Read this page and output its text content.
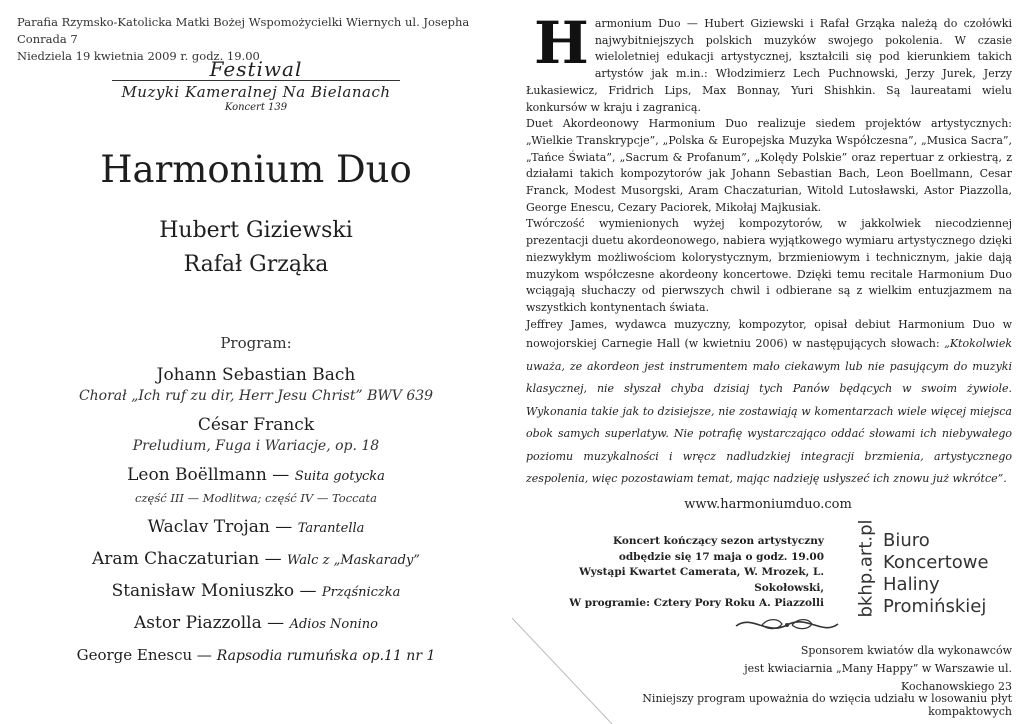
Parafia Rzymsko-Katolicka Matki Bożej Wspomożycielki Wiernych ul. Josepha Conrada 7
Niedziela 19 kwietnia 2009 r. godz. 19.00
Festiwal
Muzyki Kameralnej Na Bielanach
Koncert 139
Harmonium Duo
Hubert Giziewski
Rafał Grząka
Program:
Johann Sebastian Bach
Chorał „Ich ruf zu dir, Herr Jesu Christ” BWV 639
César Franck
Preludium, Fuga i Wariacje, op. 18
Leon Boëllmann — Suita gotycka
część III — Modlitwa; część IV — Toccata
Waclav Trojan — Tarantella
Aram Chaczaturian — Walc z „Maskarady”
Stanisław Moniuszko — Prząśniczka
Astor Piazzolla — Adios Nonino
George Enescu — Rapsodia rumuńska op.11 nr 1
H armonium Duo — Hubert Giziewski i Rafał Grząka należą do czołówki najwybitniejszych polskich muzyków swojego pokolenia. W czasie wieloletniej edukacji artystycznej, kształcili się pod kierunkiem takich artystów jak m.in.: Włodzimierz Lech Puchnowski, Jerzy Jurek, Jerzy Łukasiewicz, Fridrich Lips, Max Bonnay, Yuri Shishkin. Są laureatami wielu konkursów w kraju i zagranicą.

Duet Akordeonowy Harmonium Duo realizuje siedem projektów artystycznych: „Wielkie Transkrypcje”, „Polska & Europejska Muzyka Współczesna”, „Musica Sacra”, „Tańce Świata”, „Sacrum & Profanum”, „Kolędy Polskie” oraz repertuar z orkiestrą, z działami takich kompozytorów jak Johann Sebastian Bach, Leon Boellmann, Cesar Franck, Modest Musorgski, Aram Chaczaturian, Witold Lutosławski, Astor Piazzolla, George Enescu, Cezary Paciorek, Mikołaj Majkusiak.

Twórczość wymienionych wyżej kompozytorów, w jakkolwiek niecodziennej prezentacji duetu akordeonowego, nabiera wyjątkowego wymiaru artystycznego dzięki niezwykłym możliwościom kolorystycznym, brzmieniowym i technicznym, jakie dają muzykom współczesne akordeony koncertowe. Dzięki temu recitale Harmonium Duo wciągają słuchaczy od pierwszych chwil i odbierane są z wielkim entuzjazmem na wszystkich kontynentach świata.

Jeffrey James, wydawca muzyczny, kompozytor, opisał debiut Harmonium Duo w nowojorskiej Carnegie Hall (w kwietniu 2006) w następujących słowach: „Ktokolwiek uważa, ze akordeon jest instrumentem mało ciekawym lub nie pasującym do muzyki klasycznej, nie słyszał chyba dzisiaj tych Panów będących w swoim żywiole. Wykonania takie jak to dzisiejsze, nie zostawiają w komentarzach wiele więcej miejsca obok samych superlatyw. Nie potrafię wystarczająco oddać słowami ich niebywałego poziomu muzykalności i wręcz nadludzkiej integracji brzmienia, artystycznego zespolenia, więc pozostawiam temat, mając nadzieję usłyszeć ich znowu już wkrótce”.

www.harmoniumduo.com
Koncert kończący sezon artystyczny
odbędzie się 17 maja o godz. 19.00
Wystąpi Kwartet Camerata, W. Mrozek, L. Sokołowski,
W programie: Cztery Pory Roku A. Piazzolli bkhp.art.pl Biuro
Koncertowe
Haliny
Promińskiej
Sponsorem kwiatów dla wykonawców
jest kwiaciarnia „Many Happy” w Warszawie ul. Kochanowskiego 23
Niniejszy program upoważnia do wzięcia udziału w losowaniu płyt kompaktowych
